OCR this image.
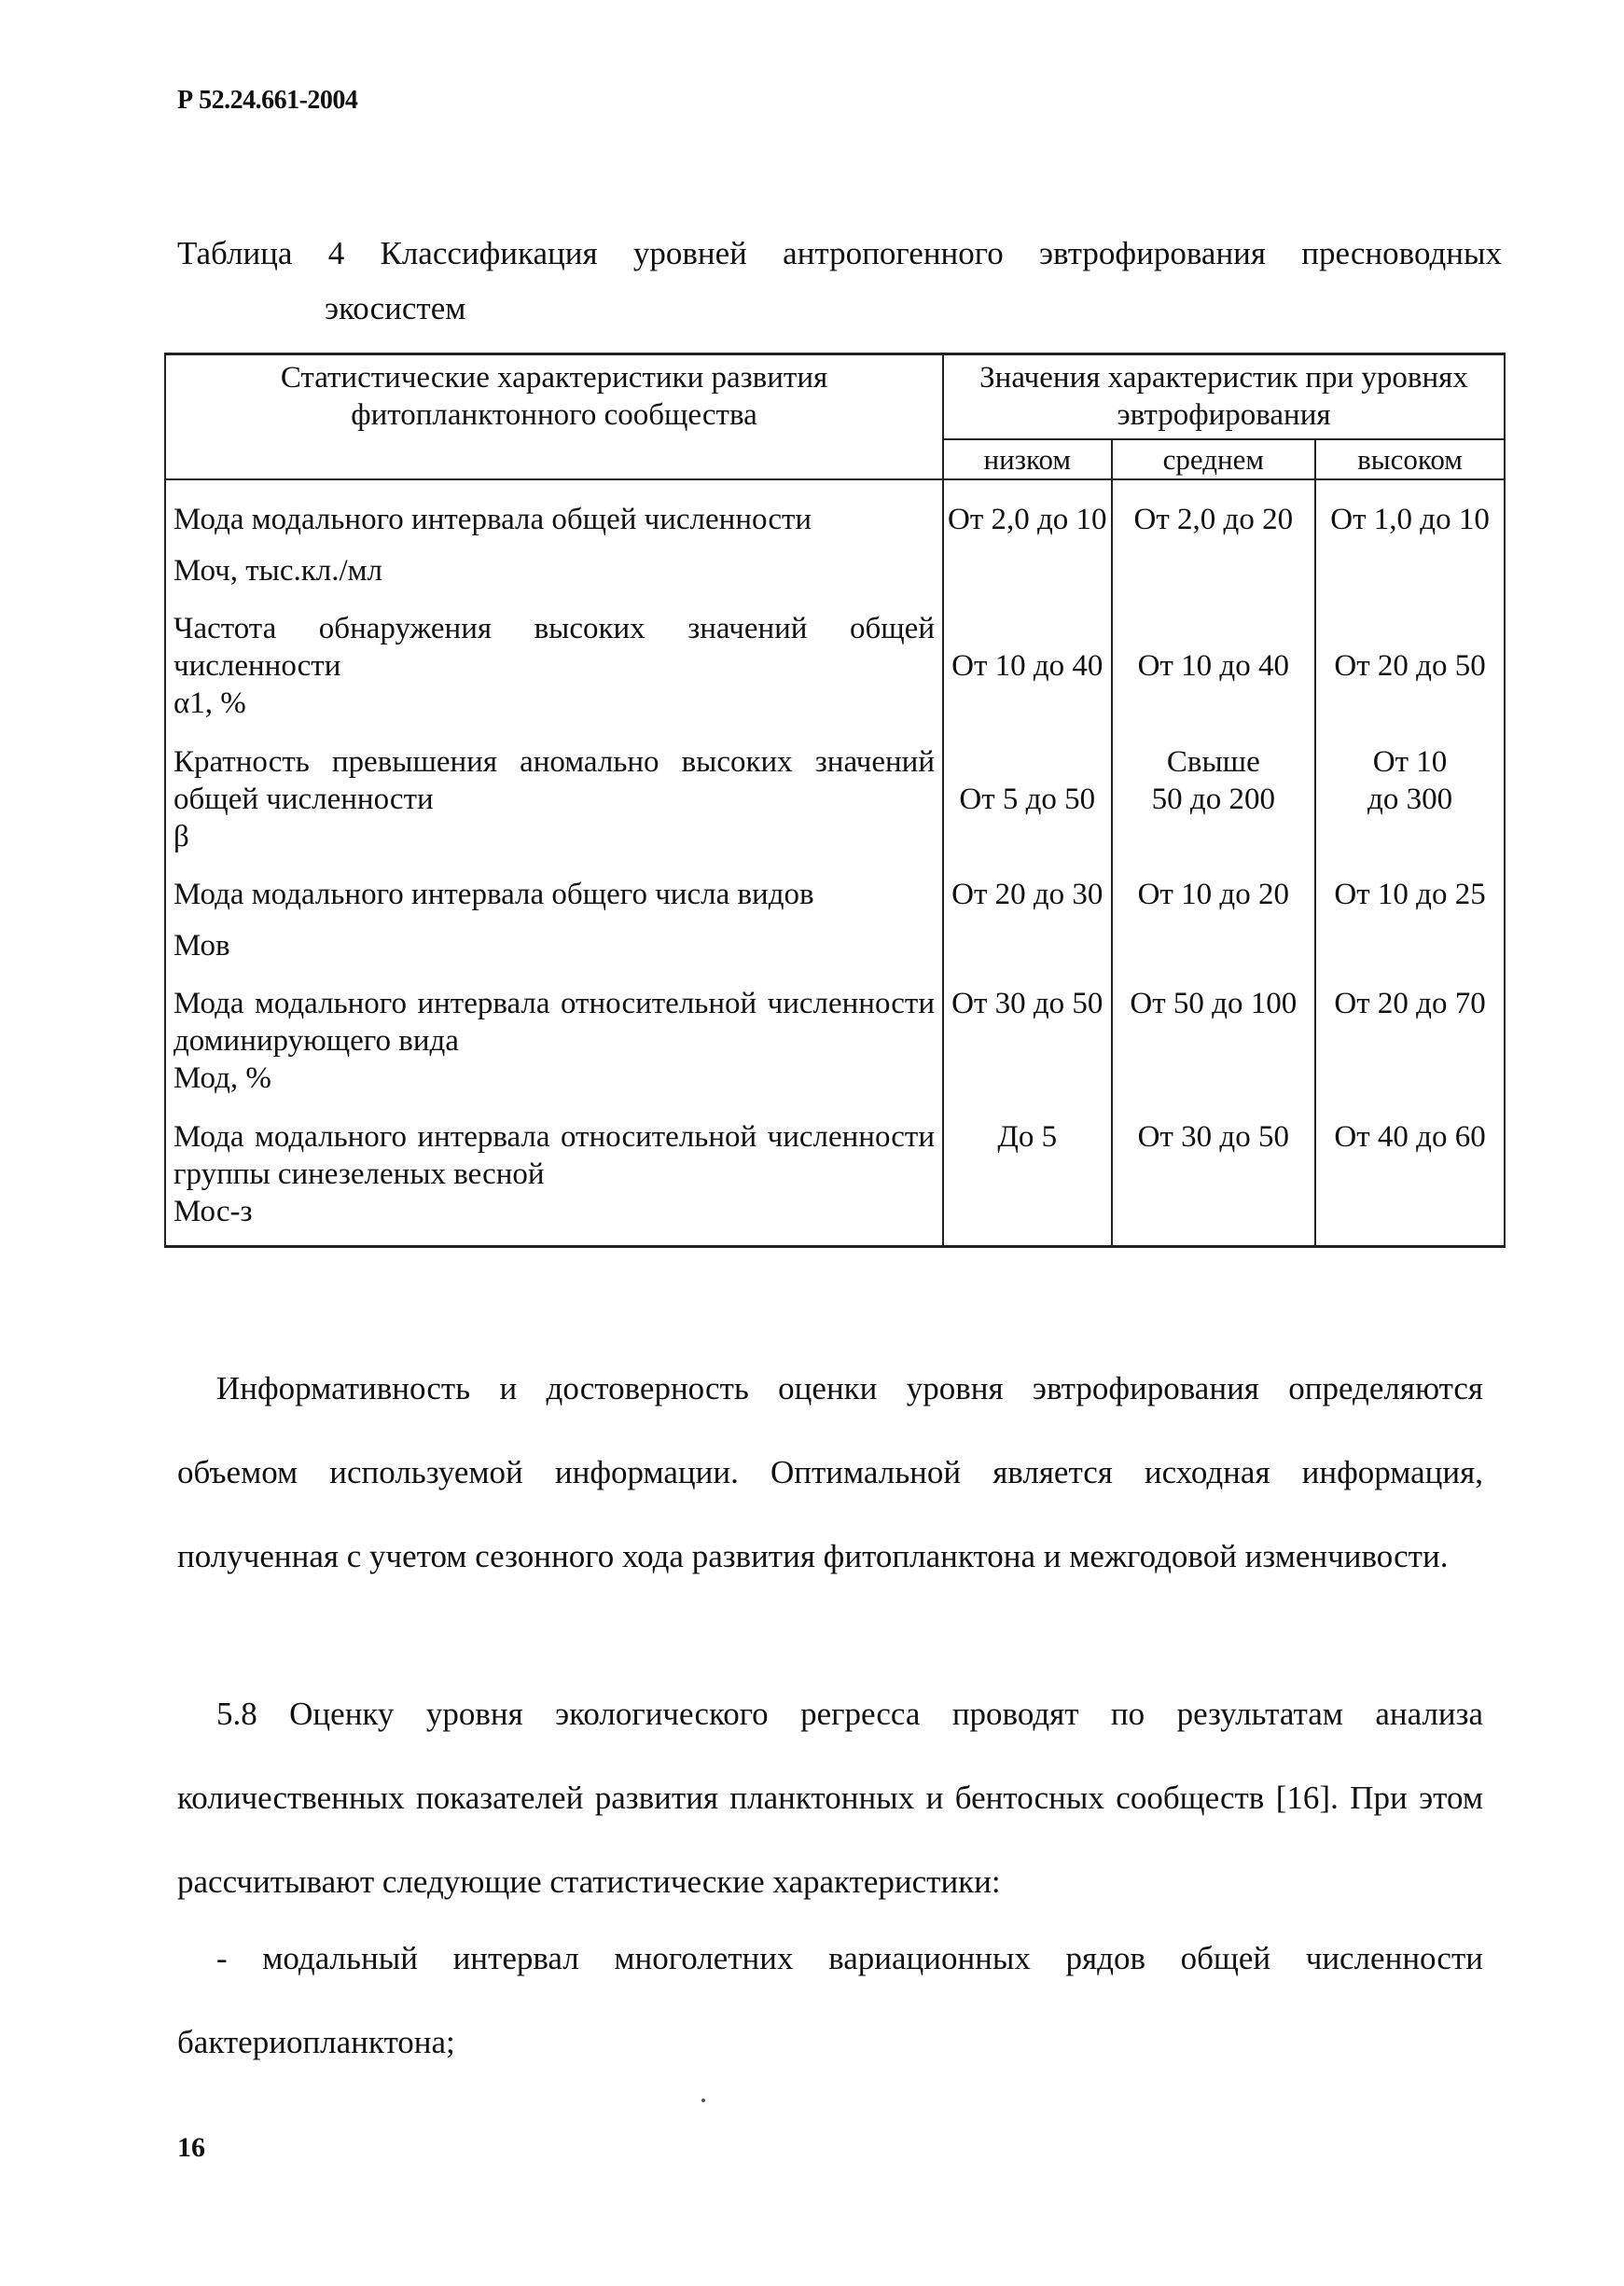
Р 52.24.661-2004
Таблица 4 Классификация уровней антропогенного эвтрофирования пресноводных
экосистем
Статистические характеристики развития фитопланктонного сообщества	Значения характеристик при уровнях эвтрофирования		
	низком	среднем	высоком

Мода модального интервала общей численности
Моч, тыс.кл./мл	От 2,0 до 10	От 2,0 до 20	От 1,0 до 10

Частота обнаружения высоких значений общей численности
α1, %	От 10 до 40	От 10 до 40	От 20 до 50

Кратность превышения аномально высоких значений общей численности
β	От 5 до 50	Свыше 50 до 200	От 10 до 300

Мода модального интервала общего числа видов
Мов	От 20 до 30	От 10 до 20	От 10 до 25

Мода модального интервала относительной численности доминирующего вида
Мод, %	От 30 до 50	От 50 до 100	От 20 до 70

Мода модального интервала относительной численности группы синезеленых весной
Мос-з	До 5	От 30 до 50	От 40 до 60
Информативность и достоверность оценки уровня эвтрофирования определяются объемом используемой информации. Оптимальной является исходная информация, полученная с учетом сезонного хода развития фитопланктона и межгодовой изменчивости.
5.8 Оценку уровня экологического регресса проводят по результатам анализа количественных показателей развития планктонных и бентосных сообществ [16]. При этом рассчитывают следующие статистические характеристики:
- модальный интервал многолетних вариационных рядов общей численности бактериопланктона;
16
